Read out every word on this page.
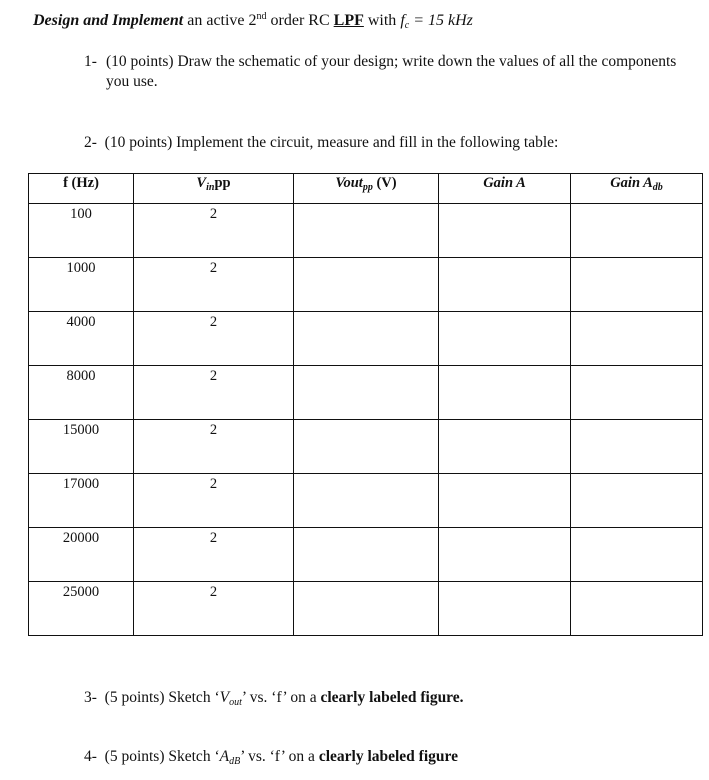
Design and Implement an active 2nd order RC LPF with $f_c = 15$ kHz
1- (10 points) Draw the schematic of your design; write down the values of all the components you use.
2-  (10 points) Implement the circuit, measure and fill in the following table:
f (Hz)	$V_{in}pp$	Vout$_{pp}$ (V)	Gain A	Gain $A_{db}$
100	2			
1000	2			
4000	2			
8000	2			
15000	2			
17000	2			
20000	2			
25000	2			
3-  (5 points) Sketch ‘$V_{out}$’ vs. ‘f’ on a clearly labeled figure.
4-  (5 points) Sketch ‘$A_{dB}$’ vs. ‘f’ on a clearly labeled figure
